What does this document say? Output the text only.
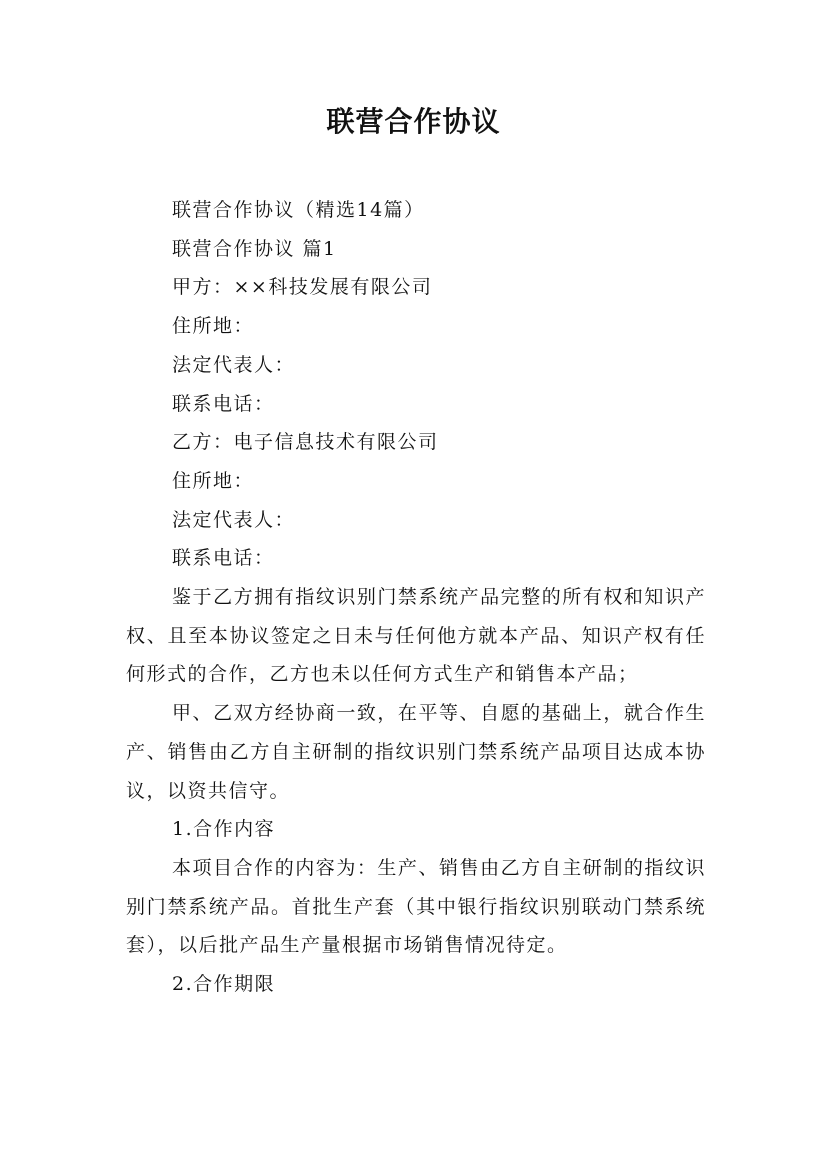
联营合作协议
联营合作协议（精选14篇）
联营合作协议 篇1
甲方：××科技发展有限公司
住所地：
法定代表人：
联系电话：
乙方：电子信息技术有限公司
住所地：
法定代表人：
联系电话：
鉴于乙方拥有指纹识别门禁系统产品完整的所有权和知识产权、且至本协议签定之日未与任何他方就本产品、知识产权有任何形式的合作，乙方也未以任何方式生产和销售本产品；
甲、乙双方经协商一致，在平等、自愿的基础上，就合作生产、销售由乙方自主研制的指纹识别门禁系统产品项目达成本协议，以资共信守。
1.合作内容
本项目合作的内容为：生产、销售由乙方自主研制的指纹识别门禁系统产品。首批生产套（其中银行指纹识别联动门禁系统套），以后批产品生产量根据市场销售情况待定。
2.合作期限
